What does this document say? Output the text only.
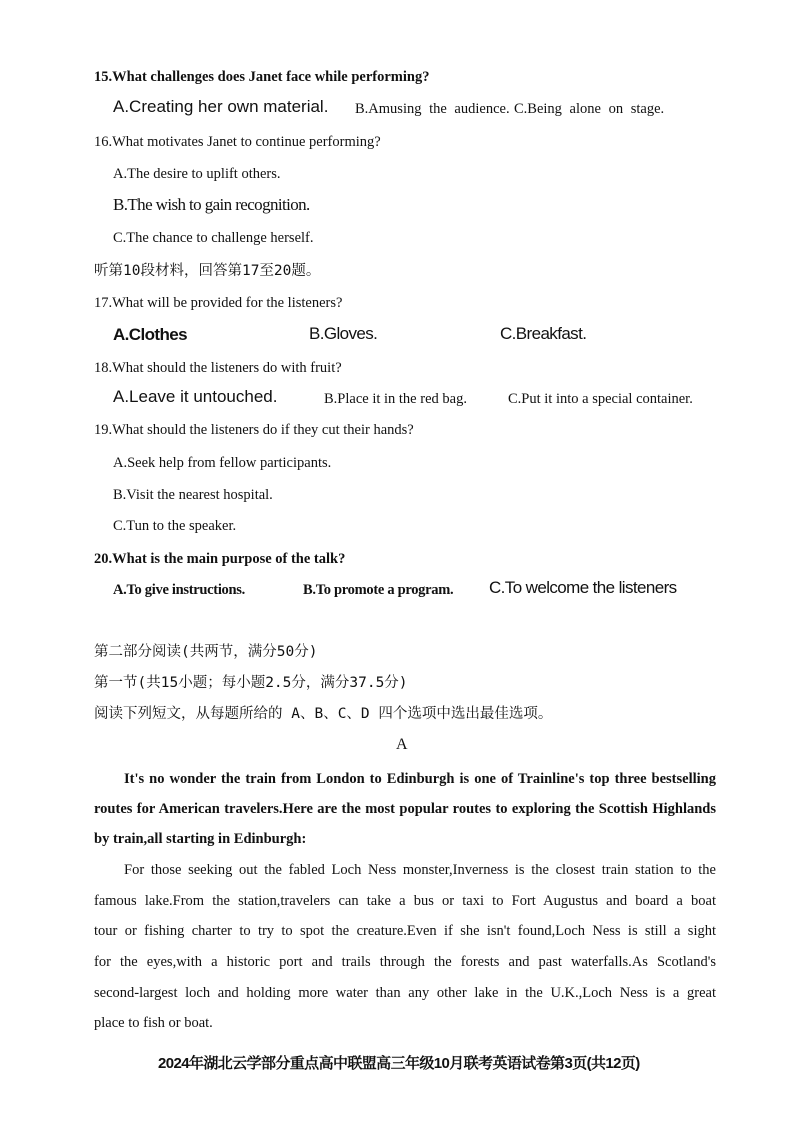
15.What challenges does Janet face while performing?
A.Creating her own material. B.Amusing the audience. C.Being alone on stage.
16.What motivates Janet to continue performing?
A.The desire to uplift others.
B.The wish to gain recognition.
C.The chance to challenge herself.
听第10段材料，回答第17至20题。
17.What will be provided for the listeners?
A.Clothes	B.Gloves.	C.Breakfast.
18.What should the listeners do with fruit?
A.Leave it untouched.	B.Place it in the red bag.	C.Put it into a special container.
19.What should the listeners do if they cut their hands?
A.Seek help from fellow participants.
B.Visit the nearest hospital.
C.Tun to the speaker.
20.What is the main purpose of the talk?
A.To give instructions.	B.To promote a program. C.To welcome the listeners
第二部分阅读(共两节，满分50分)
第一节(共15小题；每小题2.5分，满分37.5分)
阅读下列短文，从每题所给的 A、B、C、D 四个选项中选出最佳选项。
A
It's no wonder the train from London to Edinburgh is one of Trainline's top three bestselling
routes for American travelers.Here are the most popular routes to exploring the Scottish Highlands
by train,all starting in Edinburgh:
For those seeking out the fabled Loch Ness monster,Inverness is the closest train station to the
famous lake.From the station,travelers can take a bus or taxi to Fort Augustus and board a boat
tour or fishing charter to try to spot the creature.Even if she isn't found,Loch Ness is still a sight
for the eyes,with a historic port and trails through the forests and past waterfalls.As Scotland's
second-largest loch and holding more water than any other lake in the U.K.,Loch Ness is a great
place to fish or boat.
2024年湖北云学部分重点高中联盟高三年级10月联考英语试卷第3页(共12页)
